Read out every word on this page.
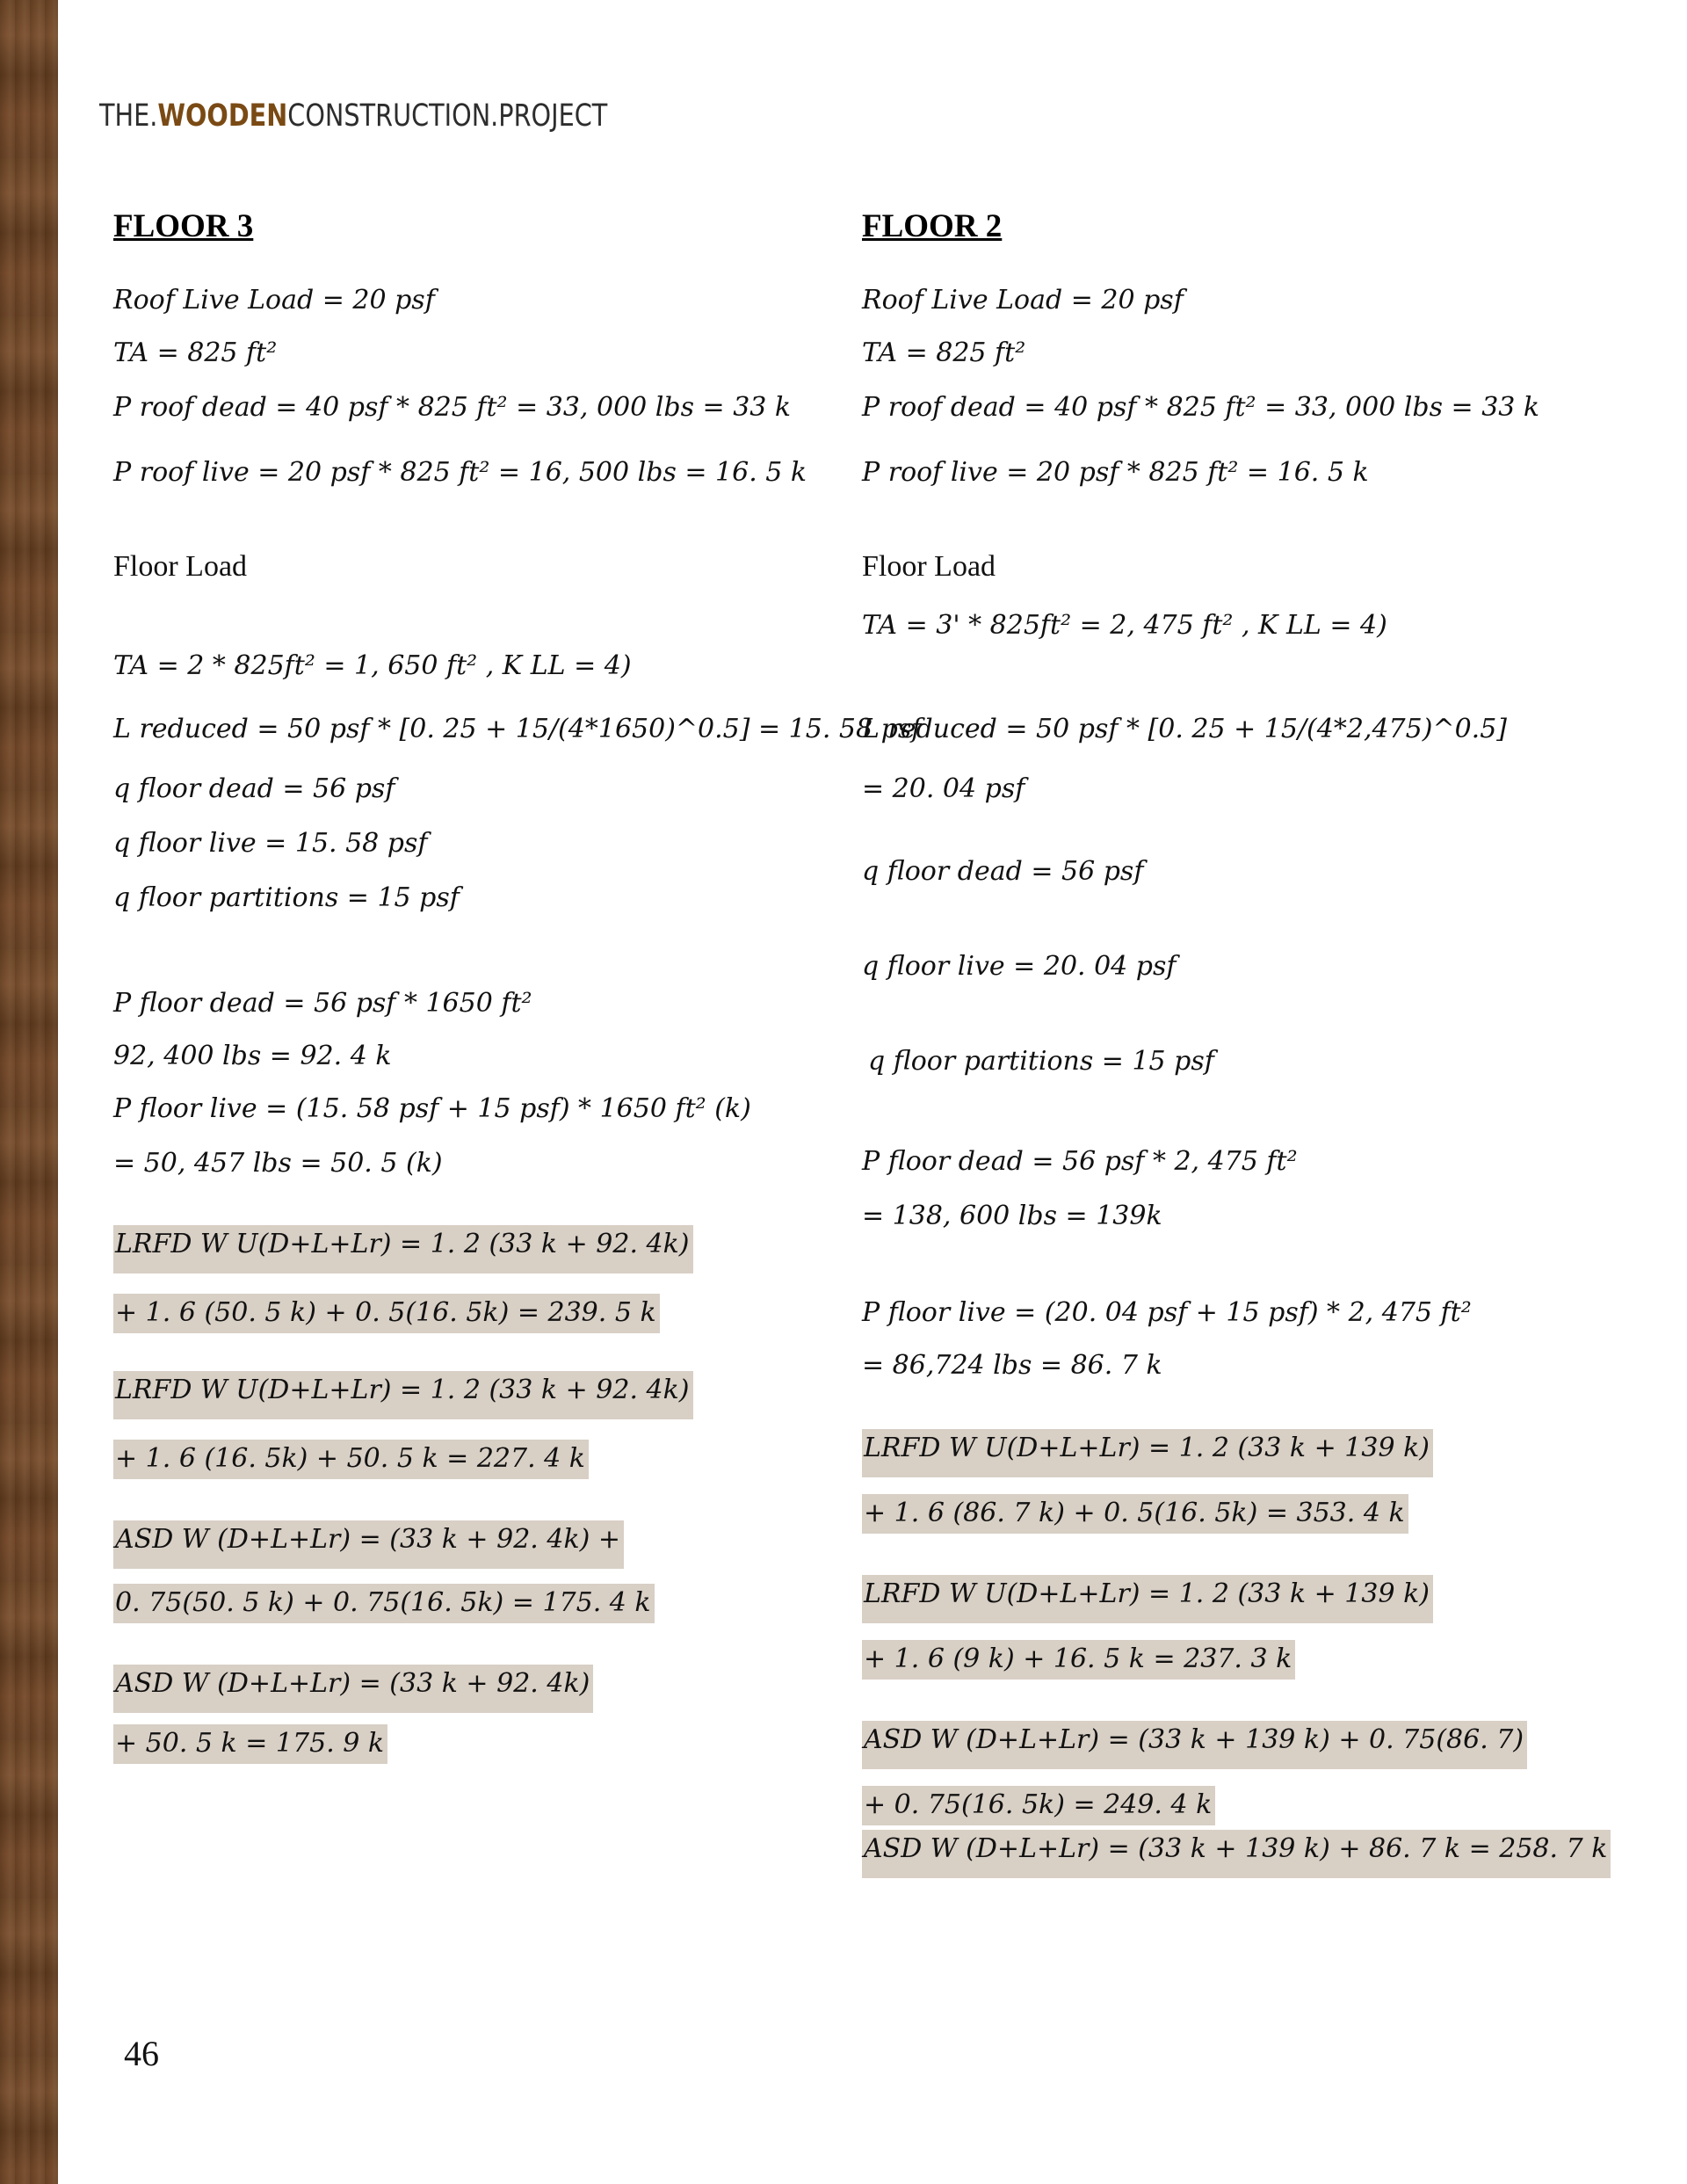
THE.WOODENCONSTRUCTION.PROJECT
FLOOR 3
Roof Live Load = 20 psf
TA = 825 ft²
P roof dead = 40 psf * 825 ft² = 33, 000 lbs = 33 k
P roof live = 20 psf * 825 ft² = 16, 500 lbs = 16. 5 k
Floor Load
TA = 2 * 825ft² = 1, 650 ft² , K LL = 4)
L reduced = 50 psf * [0. 25 + 15/(4*1650)^0.5] = 15. 58 psf
q floor dead = 56 psf
q floor live = 15. 58 psf
q floor partitions = 15 psf
P floor dead = 56 psf * 1650 ft²
92, 400 lbs = 92. 4 k
P floor live = (15. 58 psf + 15 psf) * 1650 ft² (k)
= 50, 457 lbs = 50. 5 (k)
LRFD W U(D+L+Lr) = 1. 2 (33 k + 92. 4k)
+ 1. 6 (50. 5 k) + 0. 5(16. 5k) = 239. 5 k
LRFD W U(D+L+Lr) = 1. 2 (33 k + 92. 4k)
+ 1. 6 (16. 5k) + 50. 5 k = 227. 4 k
ASD W (D+L+Lr) = (33 k + 92. 4k) +
0. 75(50. 5 k) + 0. 75(16. 5k) = 175. 4 k
ASD W (D+L+Lr) = (33 k + 92. 4k)
+ 50. 5 k = 175. 9 k
FLOOR 2
Roof Live Load = 20 psf
TA = 825 ft²
P roof dead = 40 psf * 825 ft² = 33, 000 lbs = 33 k
P roof live = 20 psf * 825 ft² = 16. 5 k
Floor Load
TA = 3' * 825ft² = 2, 475 ft² , K LL = 4)
L reduced = 50 psf * [0. 25 + 15/(4*2,475)^0.5]
= 20. 04 psf
q floor dead = 56 psf
q floor live = 20. 04 psf
q floor partitions = 15 psf
P floor dead = 56 psf * 2, 475 ft²
= 138, 600 lbs = 139k
P floor live = (20. 04 psf + 15 psf) * 2, 475 ft²
= 86,724 lbs = 86. 7 k
LRFD W U(D+L+Lr) = 1. 2 (33 k + 139 k)
+ 1. 6 (86. 7 k) + 0. 5(16. 5k) = 353. 4 k
LRFD W U(D+L+Lr) = 1. 2 (33 k + 139 k)
+ 1. 6 (9 k) + 16. 5 k = 237. 3 k
ASD W (D+L+Lr) = (33 k + 139 k) + 0. 75(86. 7)
+ 0. 75(16. 5k) = 249. 4 k
ASD W (D+L+Lr) = (33 k + 139 k) + 86. 7 k = 258. 7 k
46
